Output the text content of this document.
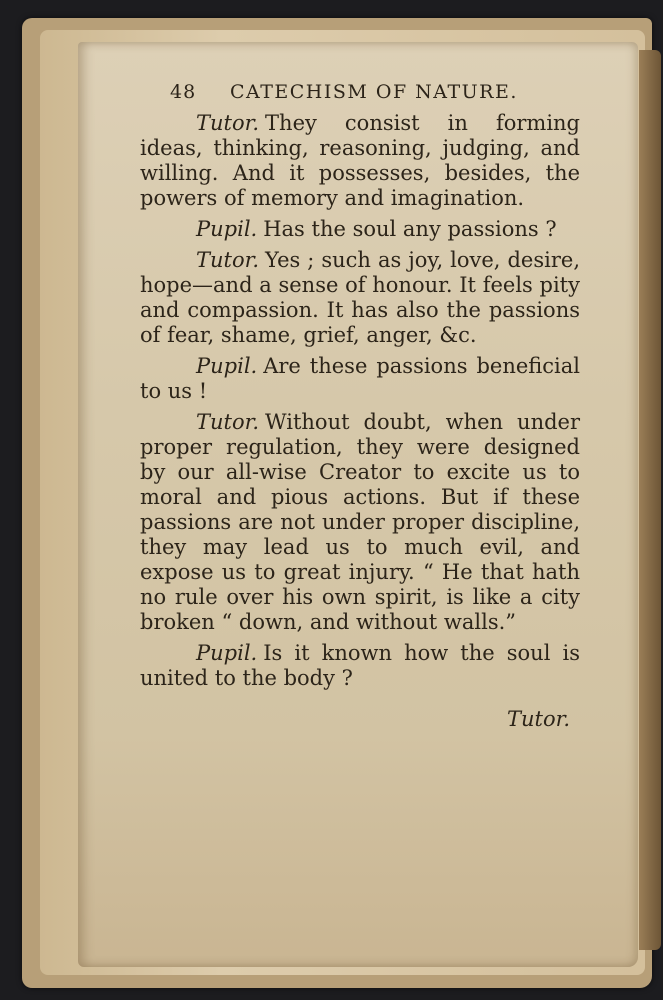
48	CATECHISM OF NATURE.

Tutor. They consist in forming ideas, thinking, reasoning, judging, and willing. And it possesses, besides, the powers of memory and imagination.

Pupil. Has the soul any passions ?

Tutor. Yes ; such as joy, love, desire, hope—and a sense of honour. It feels pity and compassion. It has also the passions of fear, shame, grief, anger, &c.

Pupil. Are these passions beneficial to us !

Tutor. Without doubt, when under proper regulation, they were designed by our all-wise Creator to excite us to moral and pious actions. But if these passions are not under proper discipline, they may lead us to much evil, and expose us to great injury. “ He that hath no rule over his own spirit, is like a city broken “ down, and without walls.”

Pupil. Is it known how the soul is united to the body ?

Tutor.
